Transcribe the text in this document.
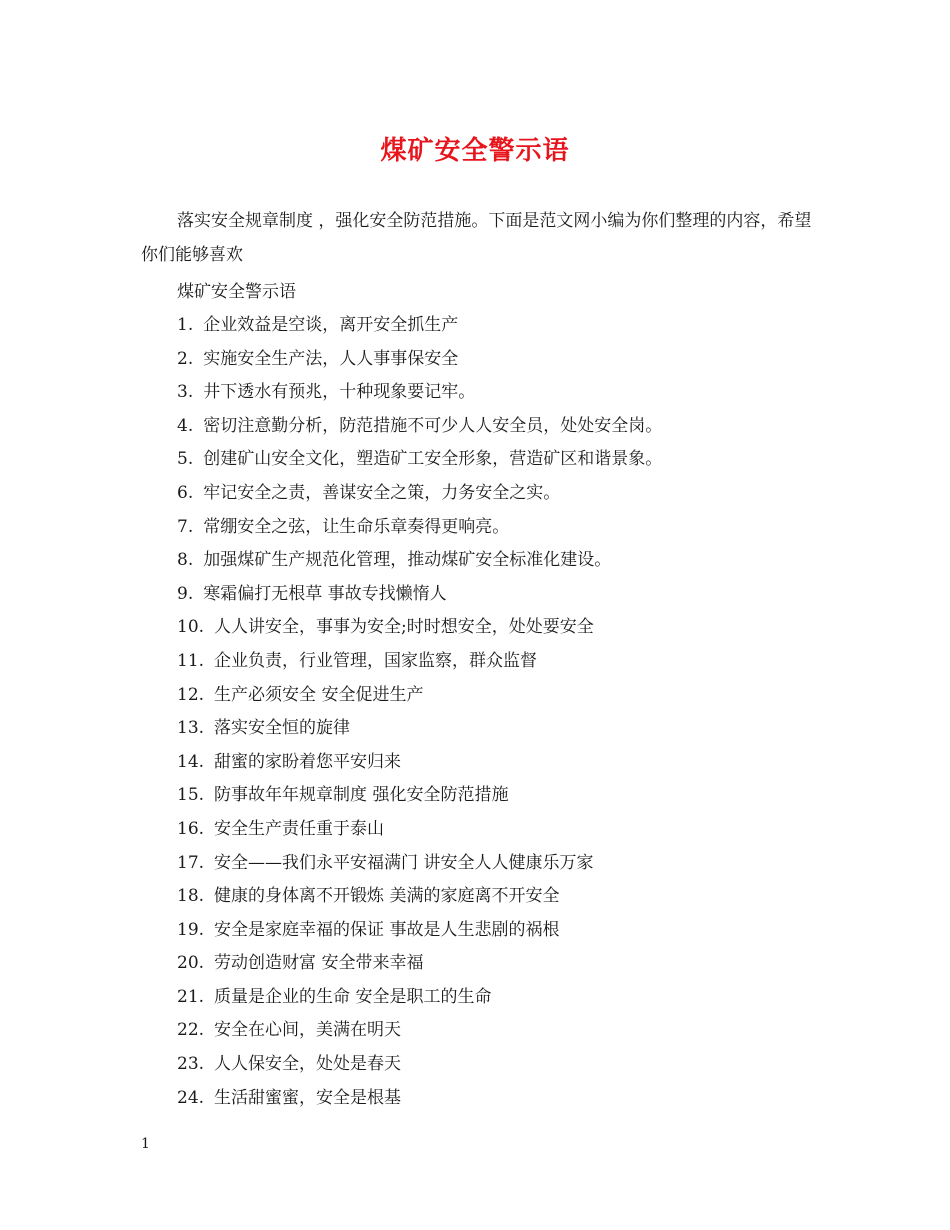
煤矿安全警示语
落实安全规章制度 ，强化安全防范措施。下面是范文网小编为你们整理的内容，希望你们能够喜欢
煤矿安全警示语
1. 企业效益是空谈，离开安全抓生产
2. 实施安全生产法，人人事事保安全
3. 井下透水有预兆，十种现象要记牢。
4. 密切注意勤分析，防范措施不可少人人安全员，处处安全岗。
5. 创建矿山安全文化，塑造矿工安全形象，营造矿区和谐景象。
6. 牢记安全之责，善谋安全之策，力务安全之实。
7. 常绷安全之弦，让生命乐章奏得更响亮。
8. 加强煤矿生产规范化管理，推动煤矿安全标准化建设。
9. 寒霜偏打无根草 事故专找懒惰人
10. 人人讲安全，事事为安全;时时想安全，处处要安全
11. 企业负责，行业管理，国家监察，群众监督
12. 生产必须安全 安全促进生产
13. 落实安全恒的旋律
14. 甜蜜的家盼着您平安归来
15. 防事故年年规章制度 强化安全防范措施
16. 安全生产责任重于泰山
17. 安全——我们永平安福满门 讲安全人人健康乐万家
18. 健康的身体离不开锻炼 美满的家庭离不开安全
19. 安全是家庭幸福的保证 事故是人生悲剧的祸根
20. 劳动创造财富 安全带来幸福
21. 质量是企业的生命 安全是职工的生命
22. 安全在心间，美满在明天
23. 人人保安全，处处是春天
24. 生活甜蜜蜜，安全是根基
1
